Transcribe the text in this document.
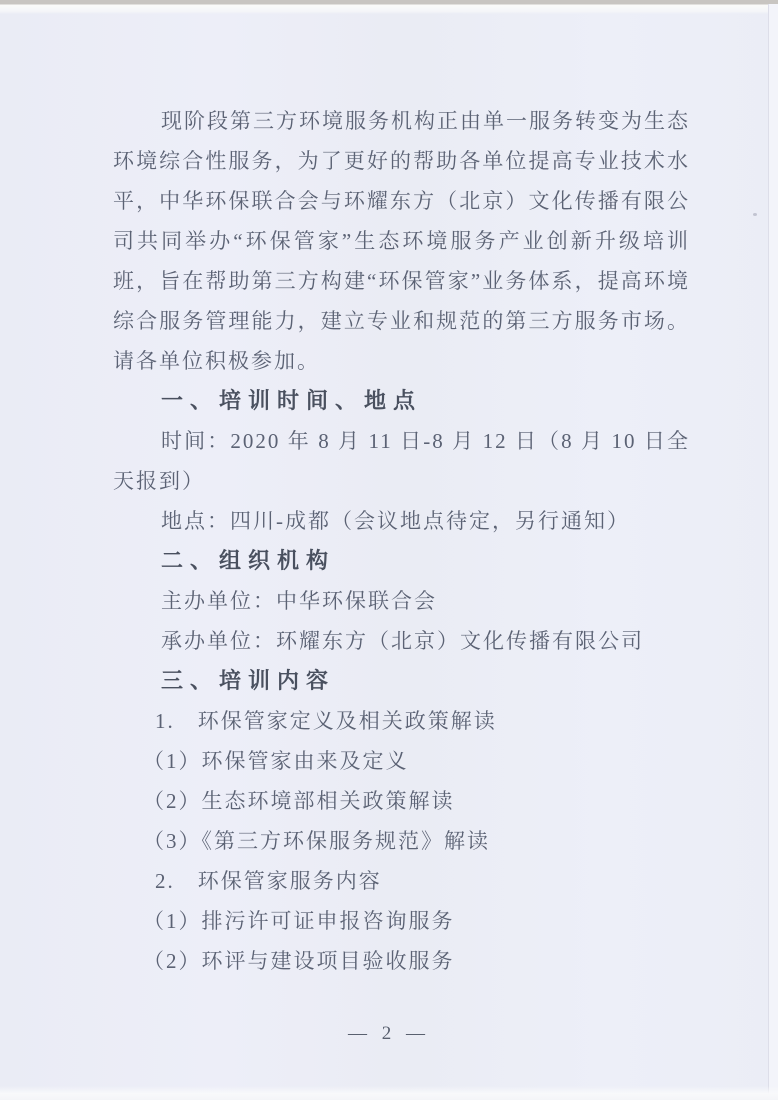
现阶段第三方环境服务机构正由单一服务转变为生态环境综合性服务，为了更好的帮助各单位提高专业技术水平，中华环保联合会与环耀东方（北京）文化传播有限公司共同举办“环保管家”生态环境服务产业创新升级培训班，旨在帮助第三方构建“环保管家”业务体系，提高环境综合服务管理能力，建立专业和规范的第三方服务市场。请各单位积极参加。

一、培训时间、地点

时间：2020 年 8 月 11 日-8 月 12 日（8 月 10 日全天报到）

地点：四川-成都（会议地点待定，另行通知）

二、组织机构

主办单位：中华环保联合会

承办单位：环耀东方（北京）文化传播有限公司

三、培训内容

1.　环保管家定义及相关政策解读

（1）环保管家由来及定义

（2）生态环境部相关政策解读

（3）《第三方环保服务规范》解读

2.　环保管家服务内容

（1）排污许可证申报咨询服务

（2）环评与建设项目验收服务

— 2 —
